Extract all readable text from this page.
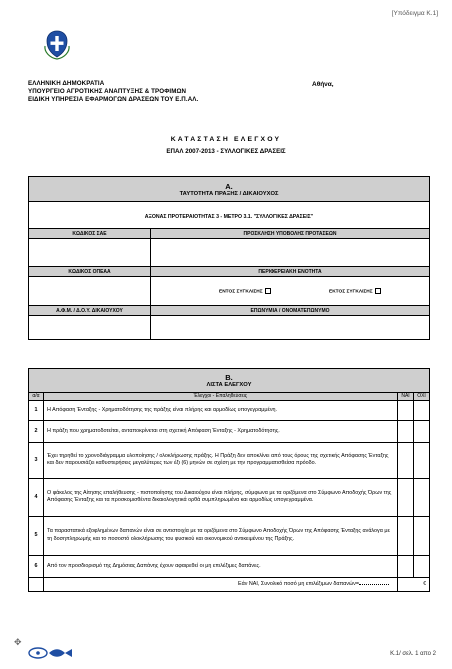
[Υπόδειγμα Κ.1]
ΕΛΛΗΝΙΚΗ ΔΗΜΟΚΡΑΤΙΑ
ΥΠΟΥΡΓΕΙΟ ΑΓΡΟΤΙΚΗΣ ΑΝΑΠΤΥΞΗΣ & ΤΡΟΦΙΜΩΝ
ΕΙΔΙΚΗ ΥΠΗΡΕΣΙΑ ΕΦΑΡΜΟΓΩΝ ΔΡΑΣΕΩΝ ΤΟΥ Ε.Π.ΑΛ.
Αθήνα,
ΚΑΤΑΣΤΑΣΗ ΕΛΕΓΧΟΥ
ΕΠΑΛ 2007-2013 - ΣΥΛΛΟΓΙΚΕΣ ΔΡΑΣΕΙΣ
Α.
ΤΑΥΤΟΤΗΤΑ ΠΡΑΞΗΣ / ΔΙΚΑΙΟΥΧΟΣ
ΑΞΟΝΑΣ ΠΡΟΤΕΡΑΙΟΤΗΤΑΣ 3 - ΜΕΤΡΟ 3.1. "ΣΥΛΛΟΓΙΚΕΣ ΔΡΑΣΕΙΣ"
ΚΩΔΙΚΟΣ ΣΑΕ	ΠΡΟΣΚΛΗΣΗ ΥΠΟΒΟΛΗΣ ΠΡΟΤΑΣΕΩΝ
ΚΩΔΙΚΟΣ ΟΠΕΑΑ	ΠΕΡΙΦΕΡΕΙΑΚΗ ΕΝΟΤΗΤΑ
ΕΝΤΟΣ ΣΥΓΚΛΙΣΗΣ	ΕΚΤΟΣ ΣΥΓΚΛΙΣΗΣ
Α.Φ.Μ. / Δ.Ο.Υ. ΔΙΚΑΙΟΥΧΟΥ	ΕΠΩΝΥΜΙΑ / ΟΝΟΜΑΤΕΠΩΝΥΜΟ
Β.
ΛΙΣΤΑ ΕΛΕΓΧΟΥ
α/α	Έλεγχοι - Επαληθεύσεις	ΝΑΙ	ΟΧΙ
1	Η Απόφαση Ένταξης - Χρηματοδότησης της πράξης είναι πλήρης και αρμοδίως υπογεγραμμένη.		
2	Η πράξη που χρηματοδοτείται, ανταποκρίνεται στη σχετική Απόφαση Ένταξης - Χρηματοδότησης.		
3	Έχει τηρηθεί το χρονοδιάγραμμα υλοποίησης / ολοκλήρωσης πράξης. Η Πράξη δεν αποκλίνει από τους όρους της σχετικής Απόφασης Ένταξης και δεν παρουσιάζει καθυστερήσεις μεγαλύτερες των έξι (6) μηνών σε σχέση με την προγραμματισθείσα πρόοδο.		
4	Ο φάκελος της Αίτησης επαλήθευσης - πιστοποίησης του Δικαιούχου είναι πλήρης, σύμφωνα με τα οριζόμενα στο Σύμφωνο Αποδοχής Όρων της Απόφασης Ένταξης και τα προσκομισθέντα δικαιολογητικά ορθά συμπληρωμένα και αρμοδίως υπογεγραμμένα.		
5	Τα παραστατικά εξοφλημένων δαπανών είναι σε αντιστοιχία με τα οριζόμενα στο Σύμφωνο Αποδοχής Όρων της Απόφασης Ένταξης ανάλογα με τη δοσηπληρωμής και το ποσοστό ολοκλήρωσης του φυσικού και οικονομικού αντικειμένου της Πράξης.		
6	Από τον προσδιορισμό της Δημόσιας Δαπάνης έχουν αφαιρεθεί οι μη επιλέξιμες δαπάνες.		
	Εάν ΝΑΙ, Συνολικό ποσό μη επιλέξιμων δαπανών=	€	
✥
Κ.1/ σελ. 1 απο 2
